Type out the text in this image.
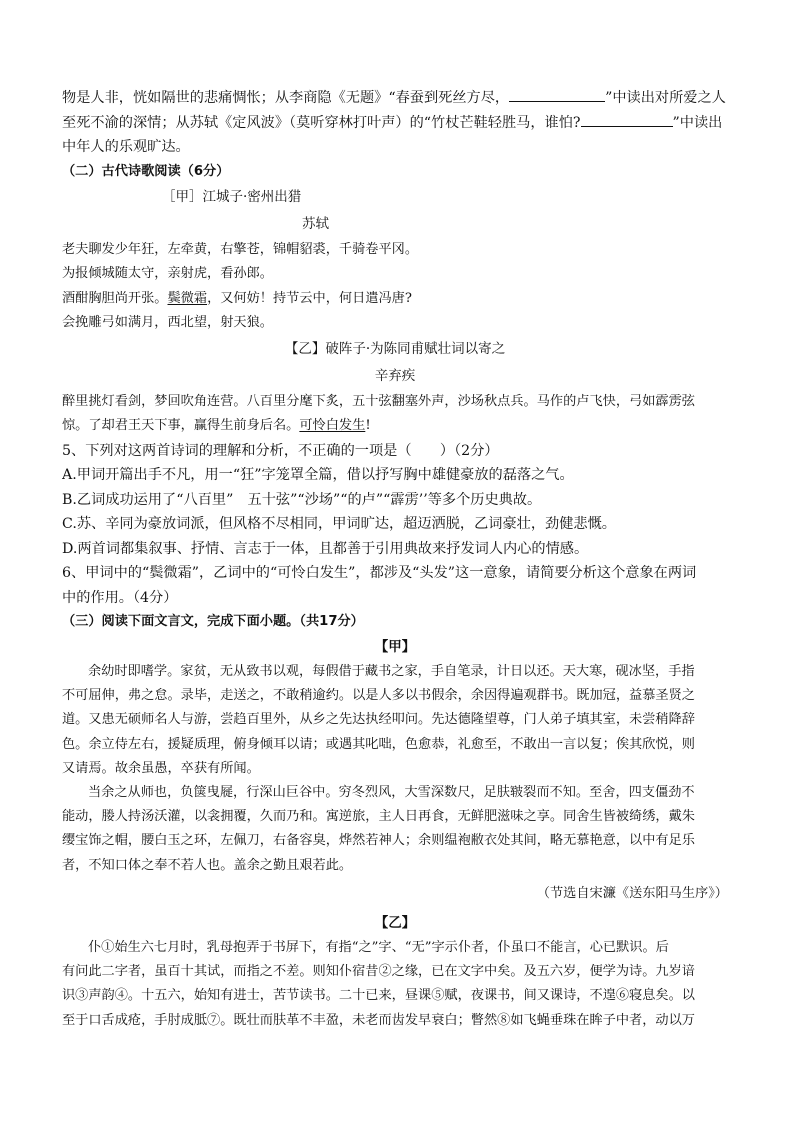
物是人非，恍如隔世的悲痛惆怅；从李商隐《无题》“春蚕到死丝方尽，	”中读出对所爱之人

至死不渝的深情；从苏轼《定风波》（莫听穿林打叶声）的“竹杖芒鞋轻胜马，谁怕?	”中读出

中年人的乐观旷达。

（二）古代诗歌阅读（6分）

［甲］江城子·密州出猎

苏轼

老夫聊发少年狂，左牵黄，右擎苍，锦帽貂裘，千骑卷平冈。

为报倾城随太守，亲射虎，看孙郎。

酒酣胸胆尚开张。鬓微霜，又何妨！持节云中，何日遣冯唐?

会挽雕弓如满月，西北望，射天狼。

【乙】破阵子·为陈同甫赋壮词以寄之

辛弃疾

醉里挑灯看剑，梦回吹角连营。八百里分麾下炙，五十弦翻塞外声，沙场秋点兵。马作的卢飞快，弓如霹雳弦

惊。了却君王天下事，赢得生前身后名。可怜白发生!

5、下列对这两首诗词的理解和分析，不正确的一项是（　　）（2分）

A.甲词开篇出手不凡，用一“狂”字笼罩全篇，借以抒写胸中雄健豪放的磊落之气。

B.乙词成功运用了“八百里”　五十弦”“沙场”“的卢”“霹雳’’等多个历史典故。

C.苏、辛同为豪放词派，但风格不尽相同，甲词旷达，超迈洒脱，乙词豪壮，劲健悲慨。

D.两首词都集叙事、抒情、言志于一体，且都善于引用典故来抒发词人内心的情感。

6、甲词中的“鬓微霜”，乙词中的“可怜白发生”，都涉及“头发”这一意象，请简要分析这个意象在两词

中的作用。（4分）

（三）阅读下面文言文，完成下面小题。（共17分）

【甲】

余幼时即嗜学。家贫，无从致书以观，每假借于藏书之家，手自笔录，计日以还。天大寒，砚冰坚，手指

不可屈伸，弗之怠。录毕，走送之，不敢稍逾约。以是人多以书假余，余因得遍观群书。既加冠，益慕圣贤之

道。又患无硕师名人与游，尝趋百里外，从乡之先达执经叩问。先达德隆望尊，门人弟子填其室，未尝稍降辞

色。余立侍左右，援疑质理，俯身倾耳以请；或遇其叱咄，色愈恭，礼愈至，不敢出一言以复；俟其欣悦，则

又请焉。故余虽愚，卒获有所闻。

当余之从师也，负箧曳屣，行深山巨谷中。穷冬烈风，大雪深数尺，足肤皲裂而不知。至舍，四支僵劲不

能动，媵人持汤沃灌，以衾拥覆，久而乃和。寓逆旅，主人日再食，无鲜肥滋味之享。同舍生皆被绮绣，戴朱

缨宝饰之帽，腰白玉之环，左佩刀，右备容臭，烨然若神人；余则缊袍敝衣处其间，略无慕艳意，以中有足乐

者，不知口体之奉不若人也。盖余之勤且艰若此。

（节选自宋濂《送东阳马生序》）

【乙】

仆①始生六七月时，乳母抱弄于书屏下，有指“之”字、“无”字示仆者，仆虽口不能言，心已默识。后

有问此二字者，虽百十其试，而指之不差。则知仆宿昔②之缘，已在文字中矣。及五六岁，便学为诗。九岁谙

识③声韵④。十五六，始知有进士，苦节读书。二十已来，昼课⑤赋，夜课书，间又课诗，不遑⑥寝息矣。以

至于口舌成疮，手肘成胝⑦。既壮而肤革不丰盈，未老而齿发早衰白；瞥然⑧如飞蝇垂珠在眸子中者，动以万
